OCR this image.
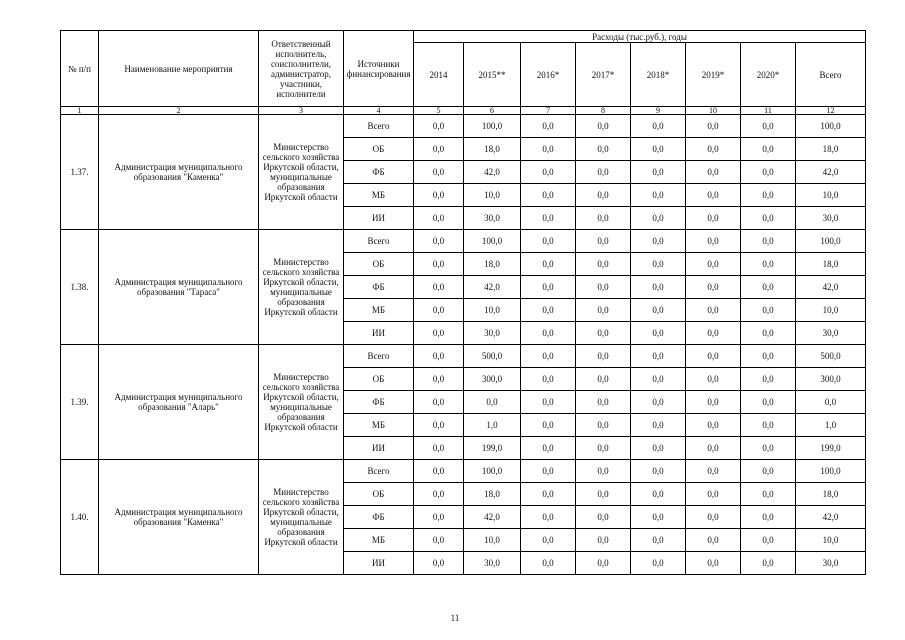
№ п/п	Наименование мероприятия	Ответственный исполнитель, соисполнители, администратор, участники, исполнители	Источники финансирования	Расходы (тыс.руб.), годы							
				2014	2015**	2016*	2017*	2018*	2019*	2020*	Всего
1	2	3	4	5	6	7	8	9	10	11	12
1.37.	Администрация муниципального образования "Каменка"	Министерство сельского хозяйства Иркутской области, муниципальные образования Иркутской области	Всего	0,0	100,0	0,0	0,0	0,0	0,0	0,0	100,0
			ОБ	0,0	18,0	0,0	0,0	0,0	0,0	0,0	18,0
			ФБ	0,0	42,0	0,0	0,0	0,0	0,0	0,0	42,0
			МБ	0,0	10,0	0,0	0,0	0,0	0,0	0,0	10,0
			ИИ	0,0	30,0	0,0	0,0	0,0	0,0	0,0	30,0
1.38.	Администрация муниципального образования "Тараса"	Министерство сельского хозяйства Иркутской области, муниципальные образования Иркутской области	Всего	0,0	100,0	0,0	0,0	0,0	0,0	0,0	100,0
			ОБ	0,0	18,0	0,0	0,0	0,0	0,0	0,0	18,0
			ФБ	0,0	42,0	0,0	0,0	0,0	0,0	0,0	42,0
			МБ	0,0	10,0	0,0	0,0	0,0	0,0	0,0	10,0
			ИИ	0,0	30,0	0,0	0,0	0,0	0,0	0,0	30,0
1.39.	Администрация муниципального образования "Аларь"	Министерство сельского хозяйства Иркутской области, муниципальные образования Иркутской области	Всего	0,0	500,0	0,0	0,0	0,0	0,0	0,0	500,0
			ОБ	0,0	300,0	0,0	0,0	0,0	0,0	0,0	300,0
			ФБ	0,0	0,0	0,0	0,0	0,0	0,0	0,0	0,0
			МБ	0,0	1,0	0,0	0,0	0,0	0,0	0,0	1,0
			ИИ	0,0	199,0	0,0	0,0	0,0	0,0	0,0	199,0
1.40.	Администрация муниципального образования "Каменка"	Министерство сельского хозяйства Иркутской области, муниципальные образования Иркутской области	Всего	0,0	100,0	0,0	0,0	0,0	0,0	0,0	100,0
			ОБ	0,0	18,0	0,0	0,0	0,0	0,0	0,0	18,0
			ФБ	0,0	42,0	0,0	0,0	0,0	0,0	0,0	42,0
			МБ	0,0	10,0	0,0	0,0	0,0	0,0	0,0	10,0
			ИИ	0,0	30,0	0,0	0,0	0,0	0,0	0,0	30,0
11
